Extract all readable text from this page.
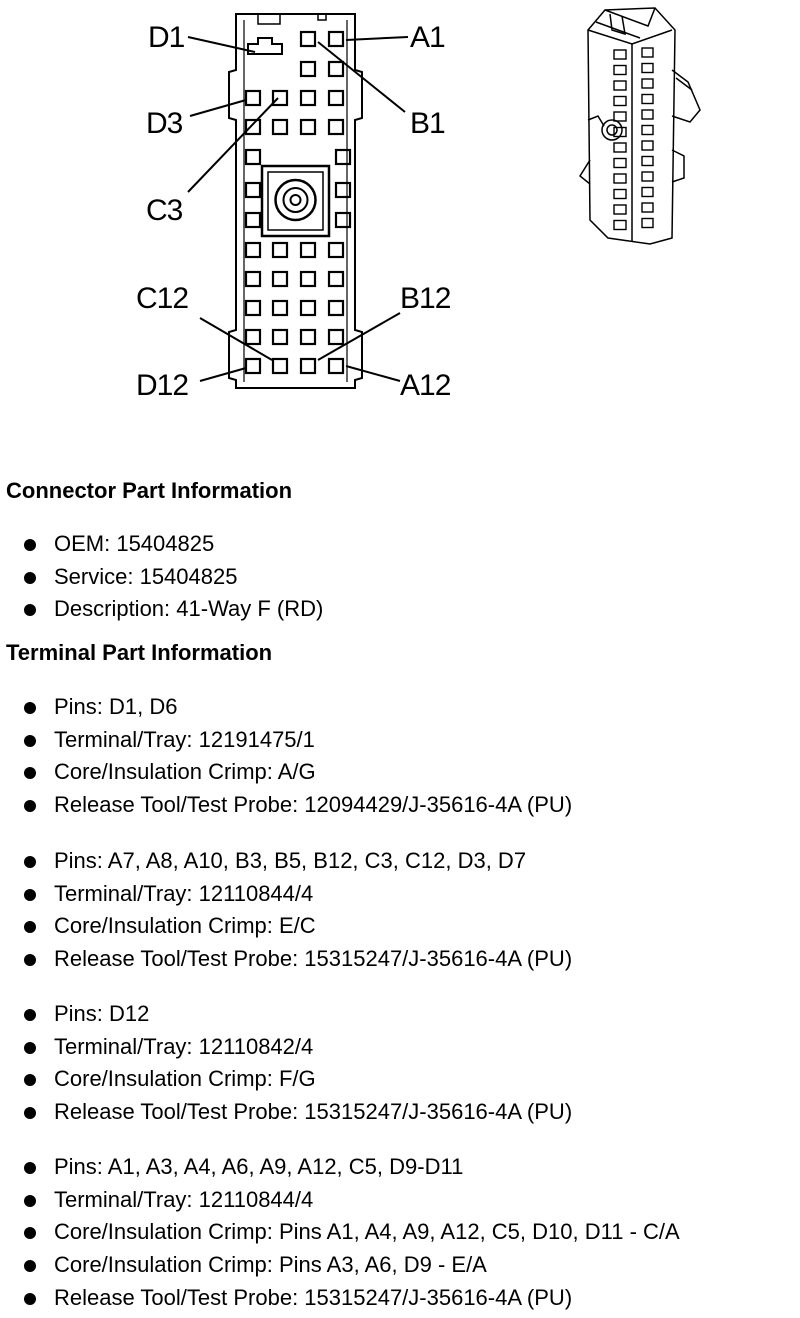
D1	A1
D3	B1
C3
C12	B12
D12	A12
Connector Part Information
OEM: 15404825
Service: 15404825
Description: 41-Way F (RD)
Terminal Part Information
Pins: D1, D6
Terminal/Tray: 12191475/1
Core/Insulation Crimp: A/G
Release Tool/Test Probe: 12094429/J-35616-4A (PU)
Pins: A7, A8, A10, B3, B5, B12, C3, C12, D3, D7
Terminal/Tray: 12110844/4
Core/Insulation Crimp: E/C
Release Tool/Test Probe: 15315247/J-35616-4A (PU)
Pins: D12
Terminal/Tray: 12110842/4
Core/Insulation Crimp: F/G
Release Tool/Test Probe: 15315247/J-35616-4A (PU)
Pins: A1, A3, A4, A6, A9, A12, C5, D9-D11
Terminal/Tray: 12110844/4
Core/Insulation Crimp: Pins A1, A4, A9, A12, C5, D10, D11 - C/A
Core/Insulation Crimp: Pins A3, A6, D9 - E/A
Release Tool/Test Probe: 15315247/J-35616-4A (PU)
